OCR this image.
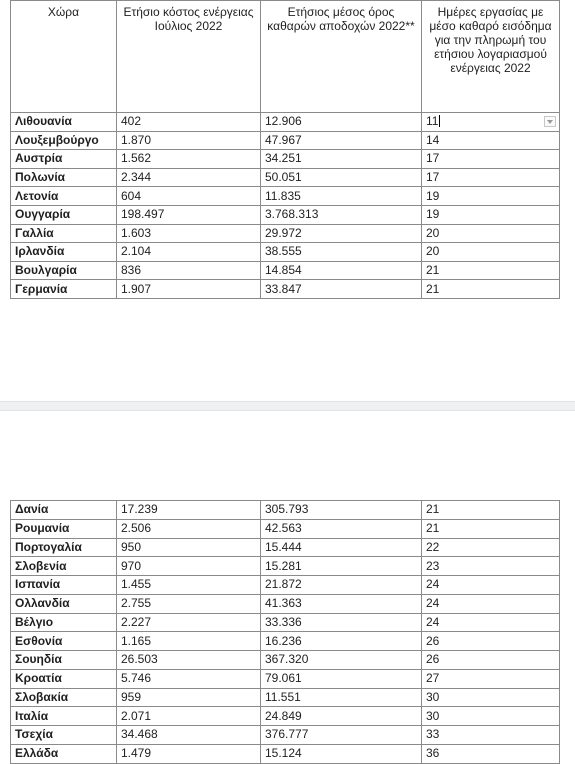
Χώρα	Ετήσιο κόστος ενέργειας Ιούλιος 2022	Ετήσιος μέσος όρος καθαρών αποδοχών 2022**	Ημέρες εργασίας με μέσο καθαρό εισόδημα για την πληρωμή του ετήσιου λογαριασμού ενέργειας 2022
Λιθουανία	402	12.906	11

Λουξεμβούργο	1.870	47.967	14
Αυστρία	1.562	34.251	17
Πολωνία	2.344	50.051	17
Λετονία	604	11.835	19
Ουγγαρία	198.497	3.768.313	19
Γαλλία	1.603	29.972	20
Ιρλανδία	2.104	38.555	20
Βουλγαρία	836	14.854	21
Γερμανία	1.907	33.847	21
Δανία	17.239	305.793	21
Ρουμανία	2.506	42.563	21
Πορτογαλία	950	15.444	22
Σλοβενία	970	15.281	23
Ισπανία	1.455	21.872	24
Ολλανδία	2.755	41.363	24
Βέλγιο	2.227	33.336	24
Εσθονία	1.165	16.236	26
Σουηδία	26.503	367.320	26
Κροατία	5.746	79.061	27
Σλοβακία	959	11.551	30
Ιταλία	2.071	24.849	30
Τσεχία	34.468	376.777	33
Ελλάδα	1.479	15.124	36
